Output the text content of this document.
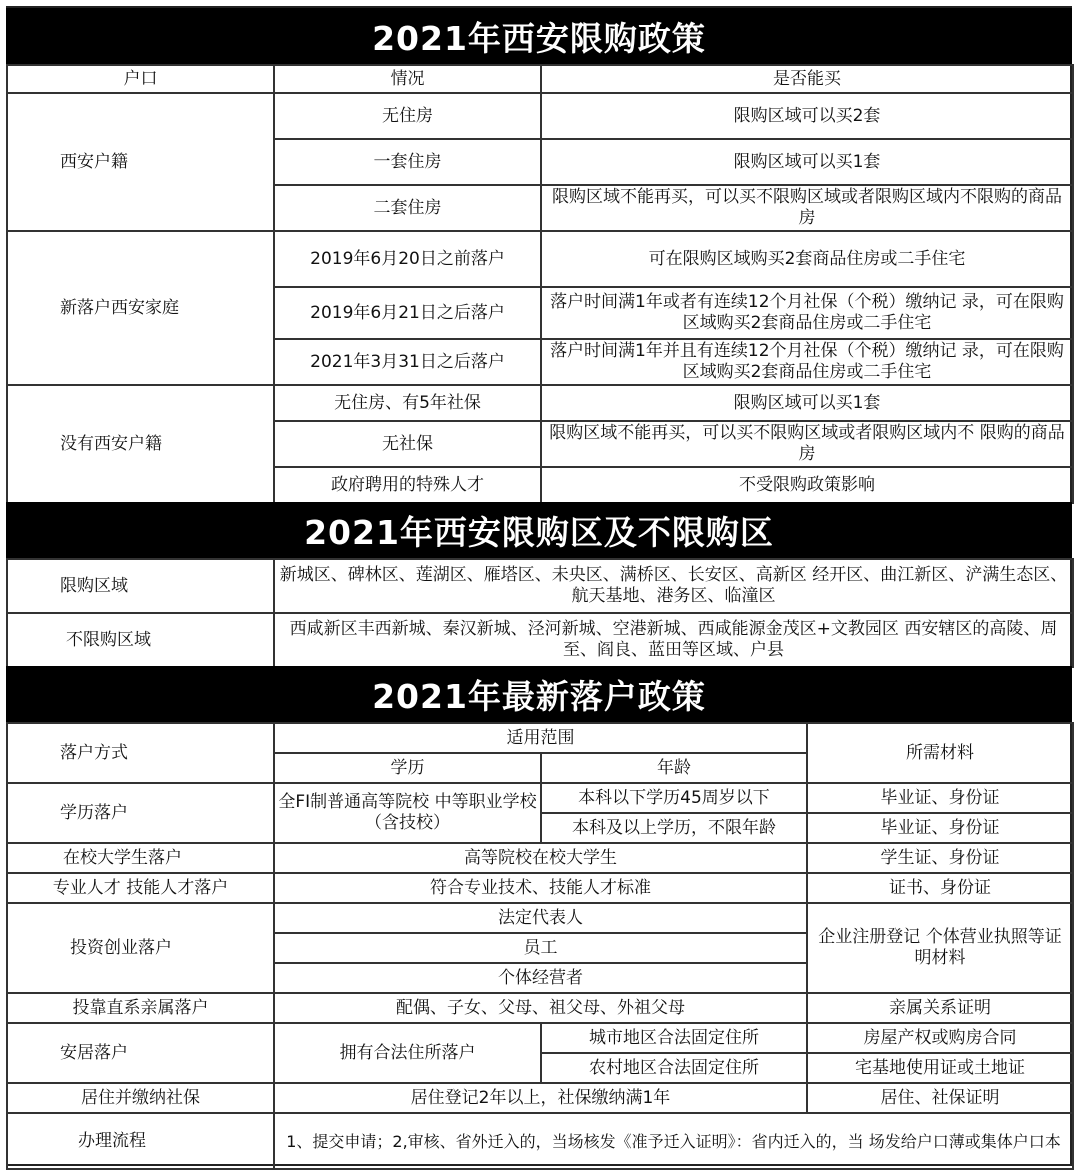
2021年西安限购政策
户口	情况	是否能买
西安户籍	无住房	限购区域可以买2套
	一套住房	限购区域可以买1套
	二套住房	限购区域不能再买，可以买不限购区域或者限购区域内不限购的商品房
新落户西安家庭	2019年6月20日之前落户	可在限购区域购买2套商品住房或二手住宅
	2019年6月21日之后落户	落户时间满1年或者有连续12个月社保（个税）缴纳记 录，可在限购区域购买2套商品住房或二手住宅
	2021年3月31日之后落户	落户时间满1年并且有连续12个月社保（个税）缴纳记 录，可在限购区域购买2套商品住房或二手住宅
没有西安户籍	无住房、有5年社保	限购区域可以买1套
	无社保	限购区域不能再买，可以买不限购区域或者限购区域内不 限购的商品房
	政府聘用的特殊人才	不受限购政策影响
2021年西安限购区及不限购区
限购区域	新城区、碑林区、莲湖区、雁塔区、未央区、满桥区、长安区、高新区 经开区、曲江新区、浐满生态区、航天基地、港务区、临潼区
不限购区域	西咸新区丰西新城、秦汉新城、泾河新城、空港新城、西咸能源金茂区+文教园区 西安辖区的高陵、周至、阎良、蓝田等区域、户县
2021年最新落户政策
落户方式	适用范围		所需材料
	学历	年龄	
学历落户	全FI制普通高等院校 中等职业学校（含技校）	本科以下学历45周岁以下	毕业证、身份证
		本科及以上学历，不限年龄	毕业证、身份证
在校大学生落户	高等院校在校大学生		学生证、身份证
专业人才 技能人才落户	符合专业技术、技能人才标准		证书、身份证
投资创业落户	法定代表人		企业注册登记 个体营业执照等证明材料
	员工		
	个体经营者		
投靠直系亲属落户	配偶、子女、父母、祖父母、外祖父母		亲属关系证明
安居落户	拥有合法住所落户	城市地区合法固定住所	房屋产权或购房合同
		农村地区合法固定住所	宅基地使用证或土地证
居住并缴纳社保	居住登记2年以上，社保缴纳满1年		居住、社保证明
办理流程	1、提交申请；2,审核、省外迁入的，当场核发《准予迁入证明》：省内迁入的，当 场发给户口薄或集体户口本		
